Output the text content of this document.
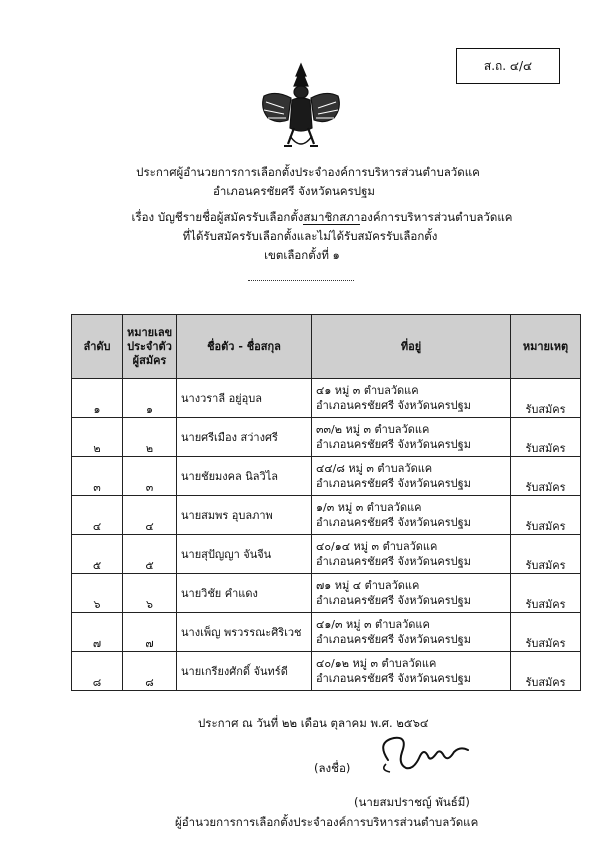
ส.ถ. ๔/๔
ประกาศผู้อำนวยการการเลือกตั้งประจำองค์การบริหารส่วนตำบลวัดแค
อำเภอนครชัยศรี จังหวัดนครปฐม
เรื่อง บัญชีรายชื่อผู้สมัครรับเลือกตั้งสมาชิกสภาองค์การบริหารส่วนตำบลวัดแค
ที่ได้รับสมัครรับเลือกตั้งและไม่ได้รับสมัครรับเลือกตั้ง
เขตเลือกตั้งที่ ๑
ลำดับ	หมายเลข
ประจำตัว
ผู้สมัคร	ชื่อตัว - ชื่อสกุล	ที่อยู่	หมายเหตุ
๑	๑	นางวราลี อยู่อุบล	๔๑ หมู่ ๓ ตำบลวัดแค
อำเภอนครชัยศรี จังหวัดนครปฐม	รับสมัคร
๒	๒	นายศรีเมือง สว่างศรี	๓๓/๒ หมู่ ๓ ตำบลวัดแค
อำเภอนครชัยศรี จังหวัดนครปฐม	รับสมัคร
๓	๓	นายชัยมงคล นิลวิไล	๔๔/๘ หมู่ ๓ ตำบลวัดแค
อำเภอนครชัยศรี จังหวัดนครปฐม	รับสมัคร
๔	๔	นายสมพร อุบลภาพ	๑/๓ หมู่ ๓ ตำบลวัดแค
อำเภอนครชัยศรี จังหวัดนครปฐม	รับสมัคร
๕	๕	นายสุปัญญา จันจีน	๔๐/๑๔ หมู่ ๓ ตำบลวัดแค
อำเภอนครชัยศรี จังหวัดนครปฐม	รับสมัคร
๖	๖	นายวิชัย คำแดง	๗๑ หมู่ ๔ ตำบลวัดแค
อำเภอนครชัยศรี จังหวัดนครปฐม	รับสมัคร
๗	๗	นางเพ็ญ พรวรรณะศิริเวช	๔๑/๓ หมู่ ๓ ตำบลวัดแค
อำเภอนครชัยศรี จังหวัดนครปฐม	รับสมัคร
๘	๘	นายเกรียงศักดิ์ จันทร์ดี	๔๐/๑๒ หมู่ ๓ ตำบลวัดแค
อำเภอนครชัยศรี จังหวัดนครปฐม	รับสมัคร
ประกาศ ณ วันที่ ๒๒ เดือน ตุลาคม พ.ศ. ๒๕๖๔
(ลงชื่อ)
(นายสมปราชญ์ พันธ์มี)
ผู้อำนวยการการเลือกตั้งประจำองค์การบริหารส่วนตำบลวัดแค
